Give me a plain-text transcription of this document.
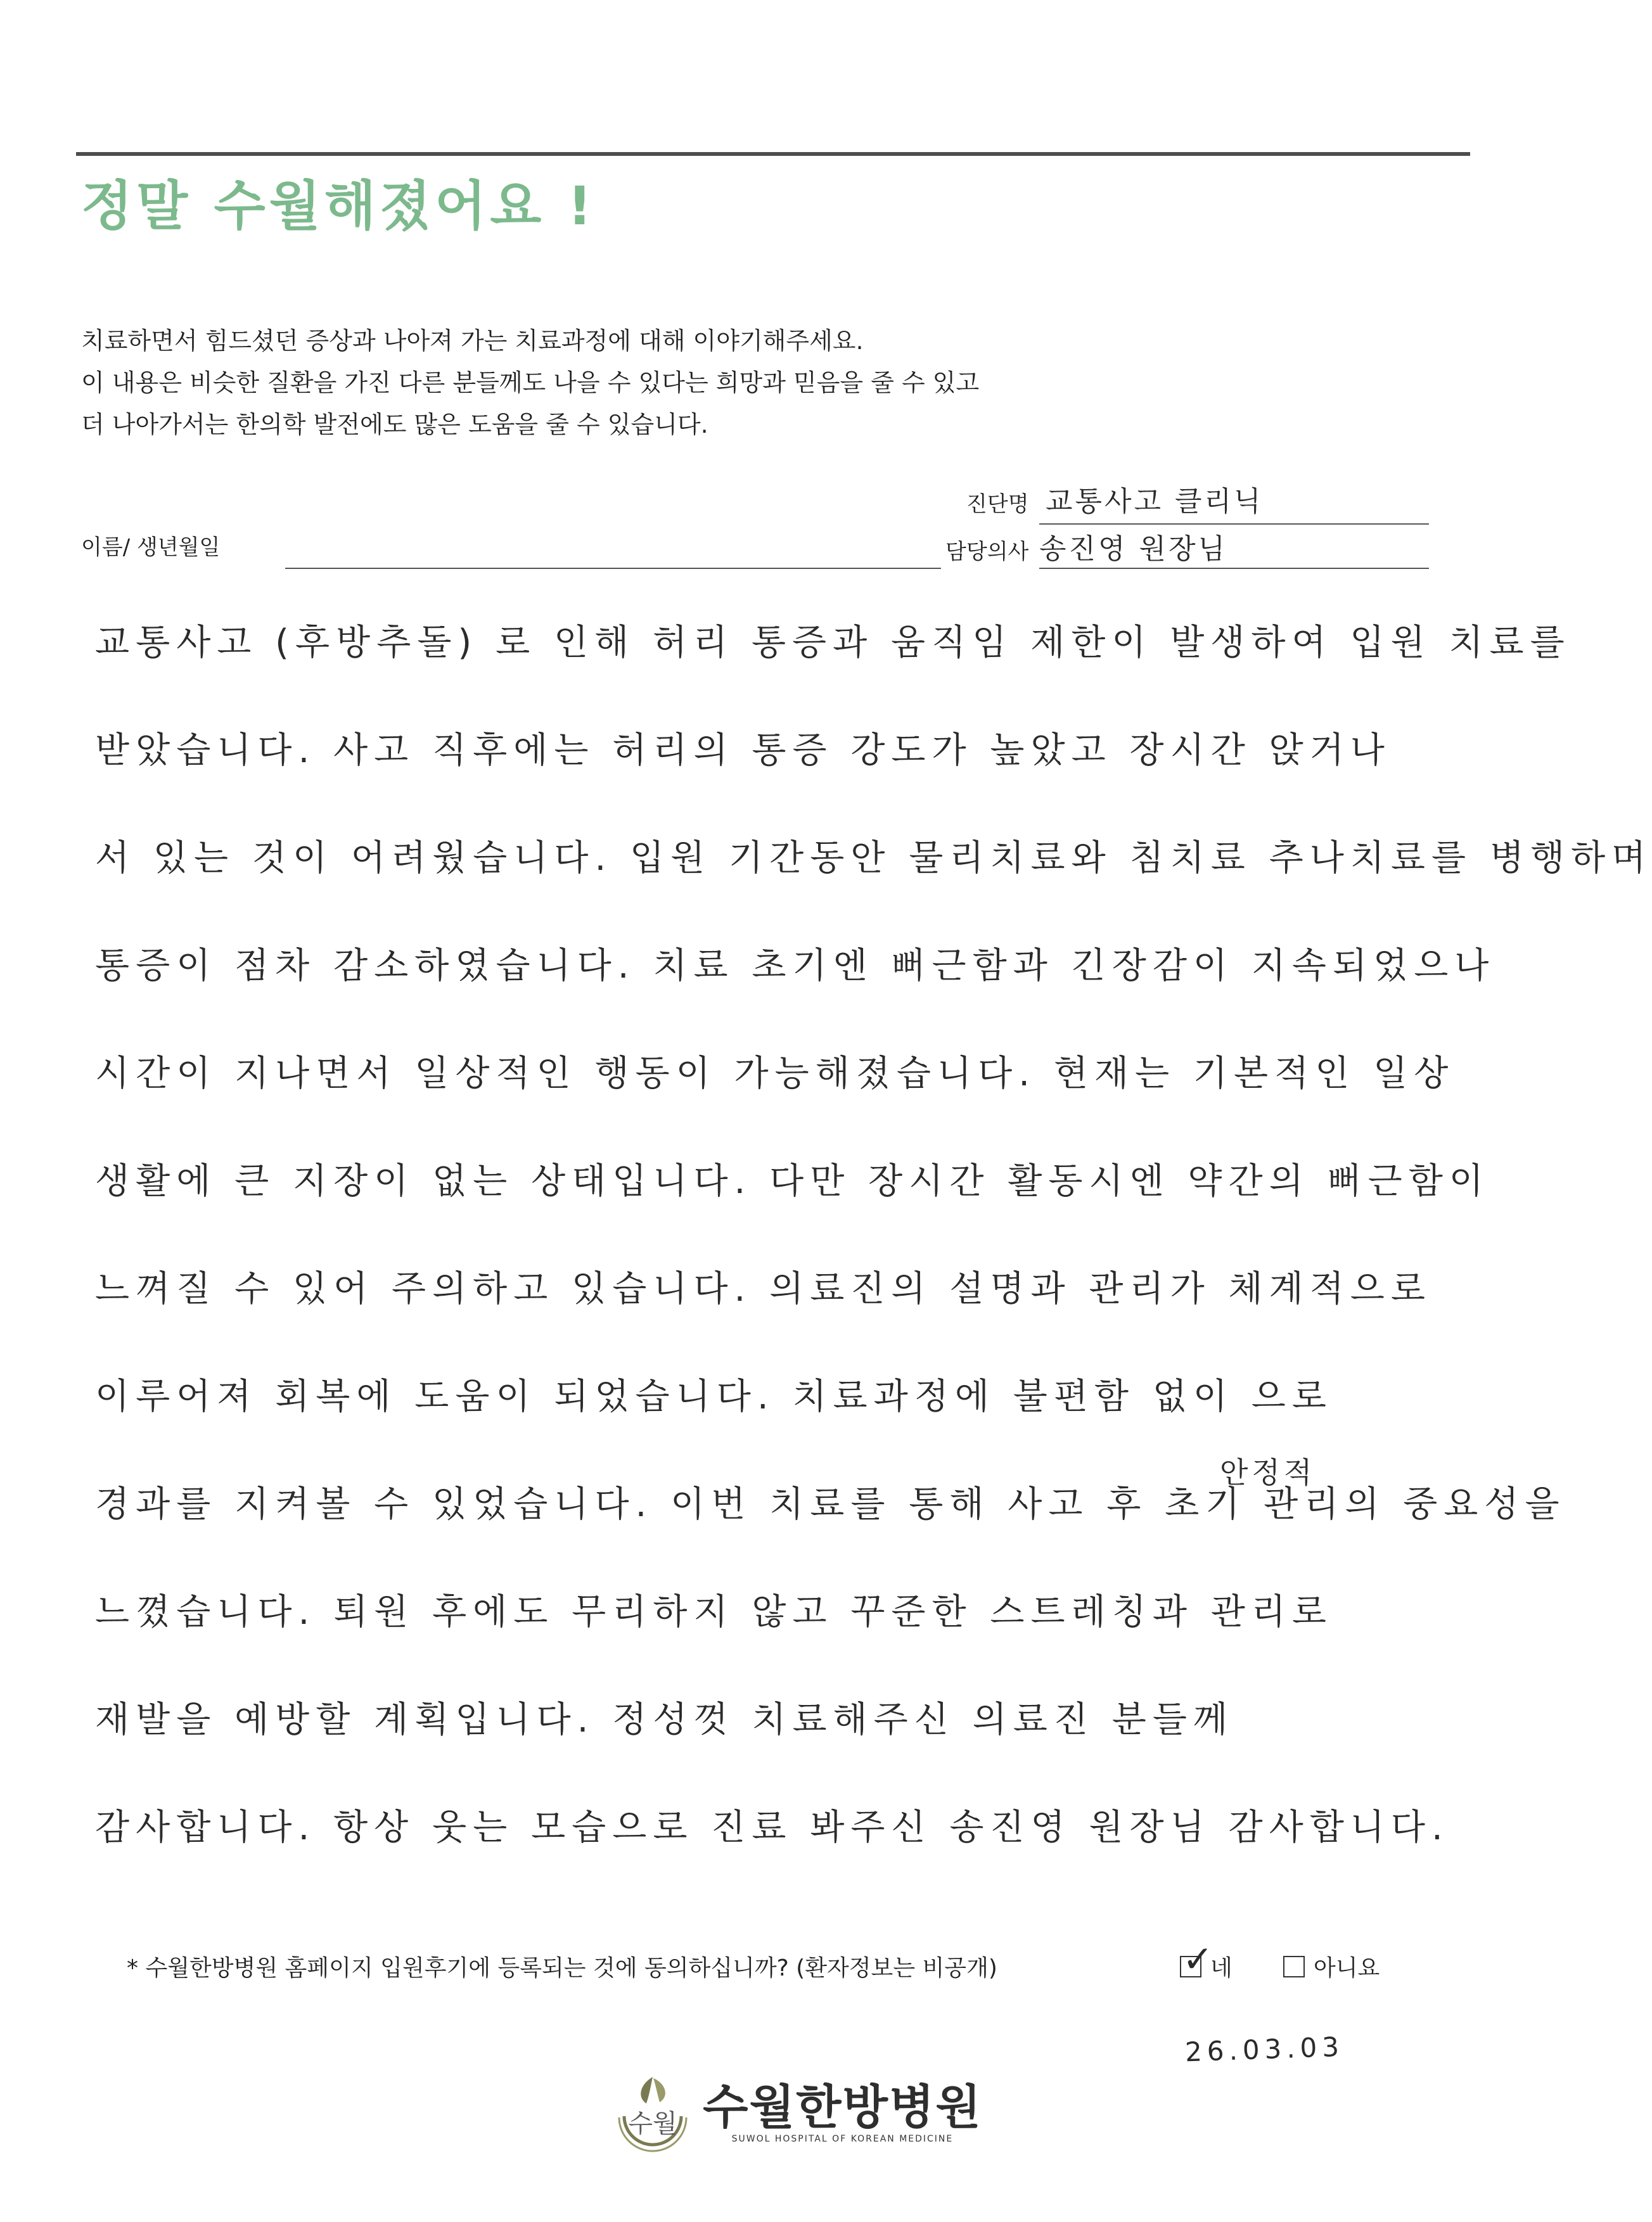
정말 수월해졌어요 !
치료하면서 힘드셨던 증상과 나아져 가는 치료과정에 대해 이야기해주세요.
이 내용은 비슷한 질환을 가진 다른 분들께도 나을 수 있다는 희망과 믿음을 줄 수 있고
더 나아가서는 한의학 발전에도 많은 도움을 줄 수 있습니다.
진단명 교통사고 클리닉
이름/ 생년월일	담당의사 송진영 원장님
교통사고 (후방추돌) 로 인해 허리 통증과 움직임 제한이 발생하여 입원 치료를
받았습니다. 사고 직후에는 허리의 통증 강도가 높았고 장시간 앉거나
서 있는 것이 어려웠습니다. 입원 기간동안 물리치료와 침치료 추나치료를 병행하며
통증이 점차 감소하였습니다. 치료 초기엔 뻐근함과 긴장감이 지속되었으나
시간이 지나면서 일상적인 행동이 가능해졌습니다. 현재는 기본적인 일상
생활에 큰 지장이 없는 상태입니다. 다만 장시간 활동시엔 약간의 뻐근함이
느껴질 수 있어 주의하고 있습니다. 의료진의 설명과 관리가 체계적으로
이루어져 회복에 도움이 되었습니다. 치료과정에 불편함 없이 으로
경과를 지켜볼 수 있었습니다. 이번 치료를 통해 사고 후 초기 관리의 중요성을
느꼈습니다. 퇴원 후에도 무리하지 않고 꾸준한 스트레칭과 관리로
재발을 예방할 계획입니다. 정성껏 치료해주신 의료진 분들께
감사합니다. 항상 웃는 모습으로 진료 봐주신 송진영 원장님 감사합니다.
안정적
* 수월한방병원 홈페이지 입원후기에 등록되는 것에 동의하십니까? (환자정보는 비공개)	✓
네	아니요
26.03.03
수월 수월한방병원
SUWOL HOSPITAL OF KOREAN MEDICINE
